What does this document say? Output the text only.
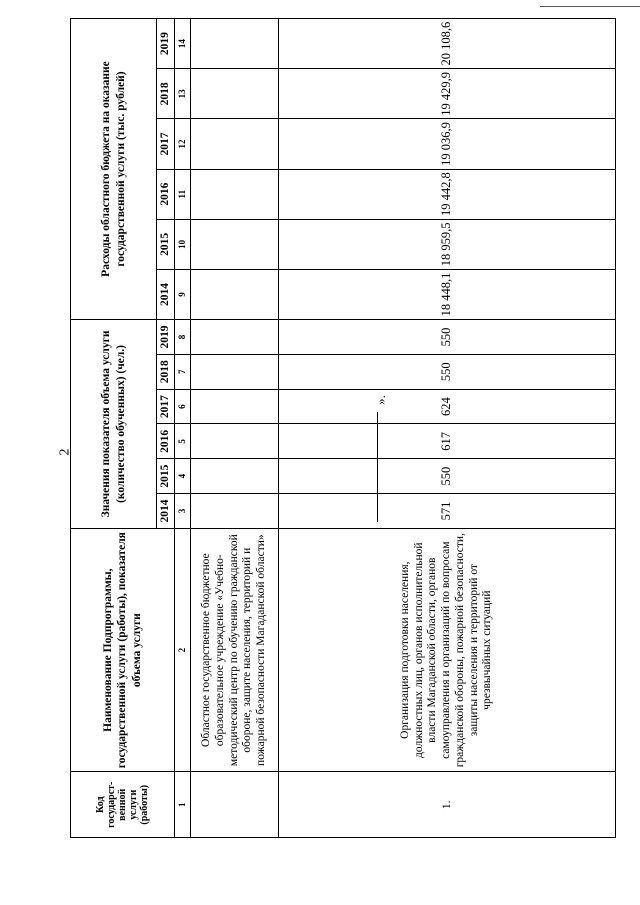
2
».
Код государст-венной услуги (работы)	Наименование Подпрограммы, государственной услуги (работы), показателя объема услуги	Значения показателя объема услуги (количество обученных) (чел.)						Расходы областного бюджета на оказание государственной услуги (тыс. рублей)					
		2014	2015	2016	2017	2018	2019	2014	2015	2016	2017	2018	2019
1	2	3	4	5	6	7	8	9	10	11	12	13	14
	Областное государственное бюджетное образовательное учреждение «Учебно-методический центр по обучению гражданской обороне, защите населения, территорий и пожарной безопасности Магаданской области»												
1.	Организация подготовки населения, должностных лиц, органов исполнительной власти Магаданской области, органов самоуправления и организаций по вопросам гражданской обороны, пожарной безопасности, защиты населения и территорий от чрезвычайных ситуаций	571	550	617	624	550	550	18 448,1	18 959,5	19 442,8	19 036,9	19 429,9	20 108,6
